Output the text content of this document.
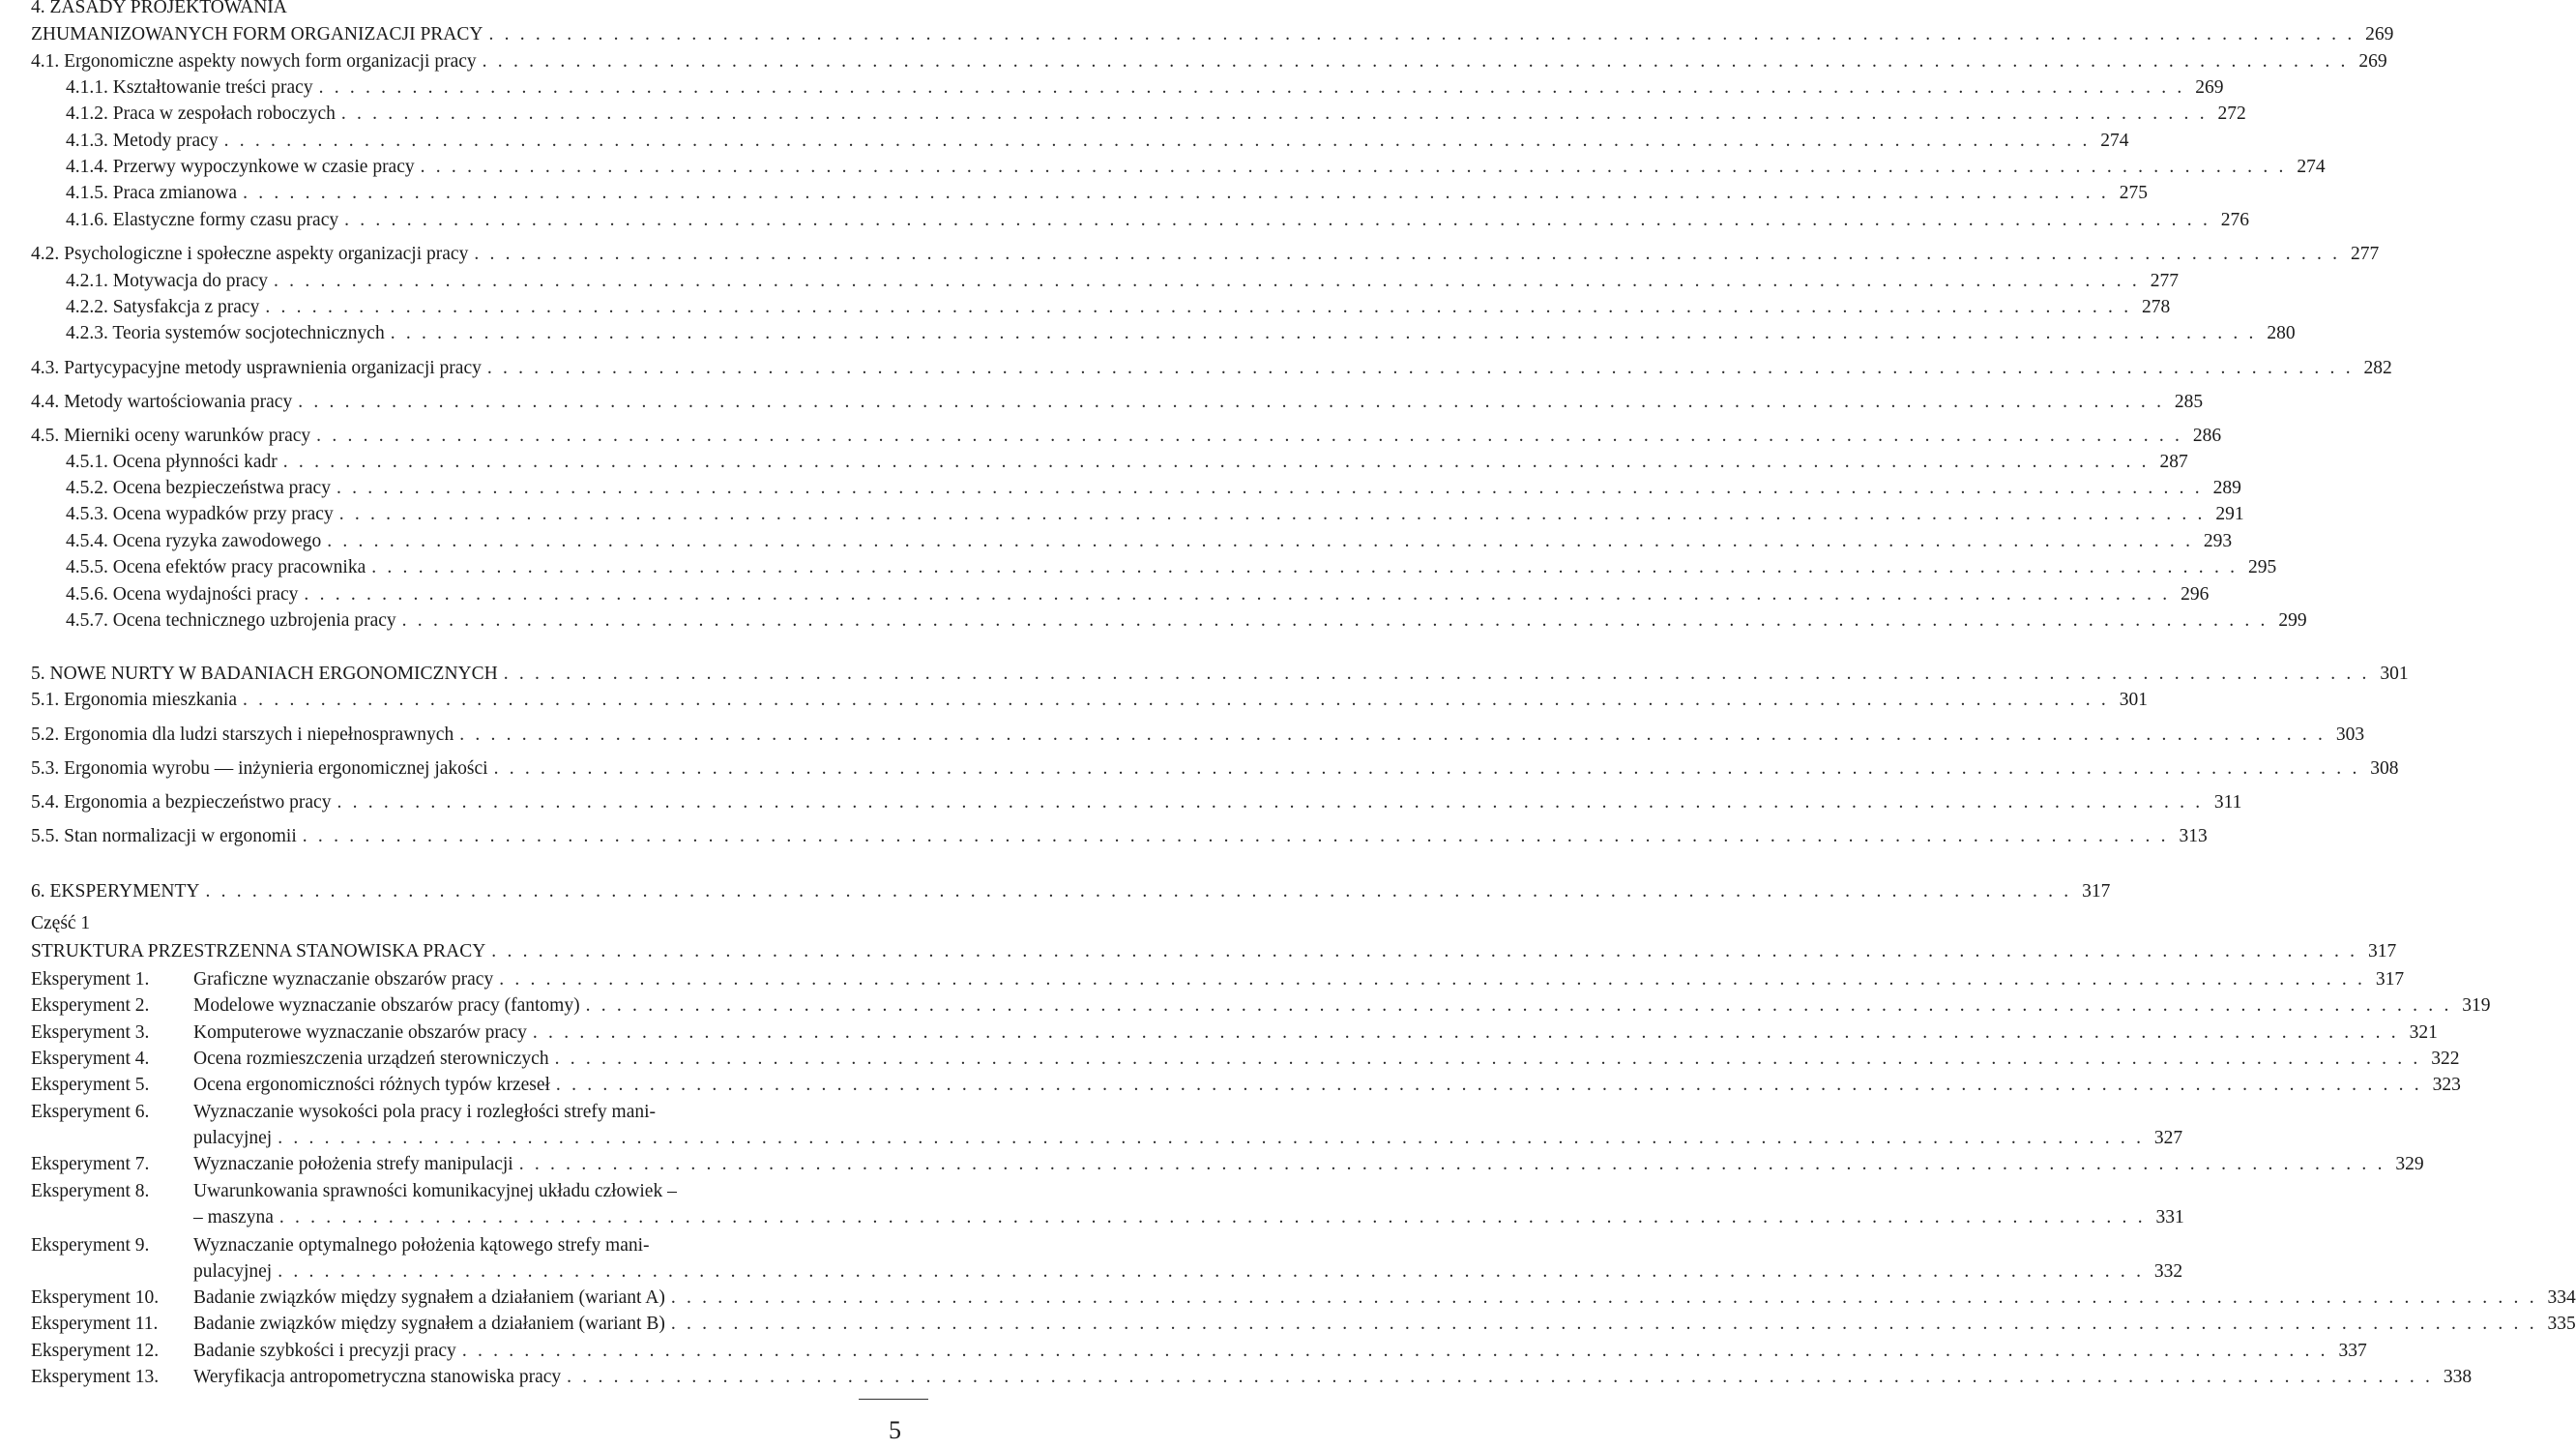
4. ZASADY PROJEKTOWANIA
ZHUMANIZOWANYCH FORM ORGANIZACJI PRACY . . . . . . . . . . . . . . . . . . . . . . . . . . . . . . . . . . . . . . . . . . . . . . . . . . . . . . . . . . . . . . . . . . . . . . . . . . . . . . . . . . . . . . . . . . . . . . . . . . . . . . . . . . . . . . . . . . . . . . . . 269
4.1. Ergonomiczne aspekty nowych form organizacji pracy . . . . . . . . . . . . . . . . . . . . . . . . . . . . . . . . . . . . . . . . . . . . . . . . . . . . . . . . . . . . . . . . . . . . . . . . . . . . . . . . . . . . . . . . . . . . . . . . . . . . . . . . . . . . . . . . . . . . . . . . 269
4.1.1. Kształtowanie treści pracy . . . . . . . . . . . . . . . . . . . . . . . . . . . . . . . . . . . . . . . . . . . . . . . . . . . . . . . . . . . . . . . . . . . . . . . . . . . . . . . . . . . . . . . . . . . . . . . . . . . . . . . . . . . . . . . . . . . . . . . . 269
4.1.2. Praca w zespołach roboczych . . . . . . . . . . . . . . . . . . . . . . . . . . . . . . . . . . . . . . . . . . . . . . . . . . . . . . . . . . . . . . . . . . . . . . . . . . . . . . . . . . . . . . . . . . . . . . . . . . . . . . . . . . . . . . . . . . . . . . . . 272
4.1.3. Metody pracy . . . . . . . . . . . . . . . . . . . . . . . . . . . . . . . . . . . . . . . . . . . . . . . . . . . . . . . . . . . . . . . . . . . . . . . . . . . . . . . . . . . . . . . . . . . . . . . . . . . . . . . . . . . . . . . . . . . . . . . . 274
4.1.4. Przerwy wypoczynkowe w czasie pracy . . . . . . . . . . . . . . . . . . . . . . . . . . . . . . . . . . . . . . . . . . . . . . . . . . . . . . . . . . . . . . . . . . . . . . . . . . . . . . . . . . . . . . . . . . . . . . . . . . . . . . . . . . . . . . . . . . . . . . . . 274
4.1.5. Praca zmianowa . . . . . . . . . . . . . . . . . . . . . . . . . . . . . . . . . . . . . . . . . . . . . . . . . . . . . . . . . . . . . . . . . . . . . . . . . . . . . . . . . . . . . . . . . . . . . . . . . . . . . . . . . . . . . . . . . . . . . . . . 275
4.1.6. Elastyczne formy czasu pracy . . . . . . . . . . . . . . . . . . . . . . . . . . . . . . . . . . . . . . . . . . . . . . . . . . . . . . . . . . . . . . . . . . . . . . . . . . . . . . . . . . . . . . . . . . . . . . . . . . . . . . . . . . . . . . . . . . . . . . . . 276
4.2. Psychologiczne i społeczne aspekty organizacji pracy . . . . . . . . . . . . . . . . . . . . . . . . . . . . . . . . . . . . . . . . . . . . . . . . . . . . . . . . . . . . . . . . . . . . . . . . . . . . . . . . . . . . . . . . . . . . . . . . . . . . . . . . . . . . . . . . . . . . . . . . 277
4.2.1. Motywacja do pracy . . . . . . . . . . . . . . . . . . . . . . . . . . . . . . . . . . . . . . . . . . . . . . . . . . . . . . . . . . . . . . . . . . . . . . . . . . . . . . . . . . . . . . . . . . . . . . . . . . . . . . . . . . . . . . . . . . . . . . . . 277
4.2.2. Satysfakcja z pracy . . . . . . . . . . . . . . . . . . . . . . . . . . . . . . . . . . . . . . . . . . . . . . . . . . . . . . . . . . . . . . . . . . . . . . . . . . . . . . . . . . . . . . . . . . . . . . . . . . . . . . . . . . . . . . . . . . . . . . . . 278
4.2.3. Teoria systemów socjotechnicznych . . . . . . . . . . . . . . . . . . . . . . . . . . . . . . . . . . . . . . . . . . . . . . . . . . . . . . . . . . . . . . . . . . . . . . . . . . . . . . . . . . . . . . . . . . . . . . . . . . . . . . . . . . . . . . . . . . . . . . . . 280
4.3. Partycypacyjne metody usprawnienia organizacji pracy . . . . . . . . . . . . . . . . . . . . . . . . . . . . . . . . . . . . . . . . . . . . . . . . . . . . . . . . . . . . . . . . . . . . . . . . . . . . . . . . . . . . . . . . . . . . . . . . . . . . . . . . . . . . . . . . . . . . . . . . 282
4.4. Metody wartościowania pracy . . . . . . . . . . . . . . . . . . . . . . . . . . . . . . . . . . . . . . . . . . . . . . . . . . . . . . . . . . . . . . . . . . . . . . . . . . . . . . . . . . . . . . . . . . . . . . . . . . . . . . . . . . . . . . . . . . . . . . . . 285
4.5. Mierniki oceny warunków pracy . . . . . . . . . . . . . . . . . . . . . . . . . . . . . . . . . . . . . . . . . . . . . . . . . . . . . . . . . . . . . . . . . . . . . . . . . . . . . . . . . . . . . . . . . . . . . . . . . . . . . . . . . . . . . . . . . . . . . . . . 286
4.5.1. Ocena płynności kadr . . . . . . . . . . . . . . . . . . . . . . . . . . . . . . . . . . . . . . . . . . . . . . . . . . . . . . . . . . . . . . . . . . . . . . . . . . . . . . . . . . . . . . . . . . . . . . . . . . . . . . . . . . . . . . . . . . . . . . . . 287
4.5.2. Ocena bezpieczeństwa pracy . . . . . . . . . . . . . . . . . . . . . . . . . . . . . . . . . . . . . . . . . . . . . . . . . . . . . . . . . . . . . . . . . . . . . . . . . . . . . . . . . . . . . . . . . . . . . . . . . . . . . . . . . . . . . . . . . . . . . . . . 289
4.5.3. Ocena wypadków przy pracy . . . . . . . . . . . . . . . . . . . . . . . . . . . . . . . . . . . . . . . . . . . . . . . . . . . . . . . . . . . . . . . . . . . . . . . . . . . . . . . . . . . . . . . . . . . . . . . . . . . . . . . . . . . . . . . . . . . . . . . . 291
4.5.4. Ocena ryzyka zawodowego . . . . . . . . . . . . . . . . . . . . . . . . . . . . . . . . . . . . . . . . . . . . . . . . . . . . . . . . . . . . . . . . . . . . . . . . . . . . . . . . . . . . . . . . . . . . . . . . . . . . . . . . . . . . . . . . . . . . . . . . 293
4.5.5. Ocena efektów pracy pracownika . . . . . . . . . . . . . . . . . . . . . . . . . . . . . . . . . . . . . . . . . . . . . . . . . . . . . . . . . . . . . . . . . . . . . . . . . . . . . . . . . . . . . . . . . . . . . . . . . . . . . . . . . . . . . . . . . . . . . . . . 295
4.5.6. Ocena wydajności pracy . . . . . . . . . . . . . . . . . . . . . . . . . . . . . . . . . . . . . . . . . . . . . . . . . . . . . . . . . . . . . . . . . . . . . . . . . . . . . . . . . . . . . . . . . . . . . . . . . . . . . . . . . . . . . . . . . . . . . . . . 296
4.5.7. Ocena technicznego uzbrojenia pracy . . . . . . . . . . . . . . . . . . . . . . . . . . . . . . . . . . . . . . . . . . . . . . . . . . . . . . . . . . . . . . . . . . . . . . . . . . . . . . . . . . . . . . . . . . . . . . . . . . . . . . . . . . . . . . . . . . . . . . . . 299
5. NOWE NURTY W BADANIACH ERGONOMICZNYCH . . . . . . . . . . . . . . . . . . . . . . . . . . . . . . . . . . . . . . . . . . . . . . . . . . . . . . . . . . . . . . . . . . . . . . . . . . . . . . . . . . . . . . . . . . . . . . . . . . . . . . . . . . . . . . . . . . . . . . . . 301
5.1. Ergonomia mieszkania . . . . . . . . . . . . . . . . . . . . . . . . . . . . . . . . . . . . . . . . . . . . . . . . . . . . . . . . . . . . . . . . . . . . . . . . . . . . . . . . . . . . . . . . . . . . . . . . . . . . . . . . . . . . . . . . . . . . . . . . 301
5.2. Ergonomia dla ludzi starszych i niepełnosprawnych . . . . . . . . . . . . . . . . . . . . . . . . . . . . . . . . . . . . . . . . . . . . . . . . . . . . . . . . . . . . . . . . . . . . . . . . . . . . . . . . . . . . . . . . . . . . . . . . . . . . . . . . . . . . . . . . . . . . . . . . 303
5.3. Ergonomia wyrobu — inżynieria ergonomicznej jakości . . . . . . . . . . . . . . . . . . . . . . . . . . . . . . . . . . . . . . . . . . . . . . . . . . . . . . . . . . . . . . . . . . . . . . . . . . . . . . . . . . . . . . . . . . . . . . . . . . . . . . . . . . . . . . . . . . . . . . . . 308
5.4. Ergonomia a bezpieczeństwo pracy . . . . . . . . . . . . . . . . . . . . . . . . . . . . . . . . . . . . . . . . . . . . . . . . . . . . . . . . . . . . . . . . . . . . . . . . . . . . . . . . . . . . . . . . . . . . . . . . . . . . . . . . . . . . . . . . . . . . . . . . 311
5.5. Stan normalizacji w ergonomii . . . . . . . . . . . . . . . . . . . . . . . . . . . . . . . . . . . . . . . . . . . . . . . . . . . . . . . . . . . . . . . . . . . . . . . . . . . . . . . . . . . . . . . . . . . . . . . . . . . . . . . . . . . . . . . . . . . . . . . . 313
6. EKSPERYMENTY . . . . . . . . . . . . . . . . . . . . . . . . . . . . . . . . . . . . . . . . . . . . . . . . . . . . . . . . . . . . . . . . . . . . . . . . . . . . . . . . . . . . . . . . . . . . . . . . . . . . . . . . . . . . . . . . . . . . . . . . 317
Część 1
STRUKTURA PRZESTRZENNA STANOWISKA PRACY . . . . . . . . . . . . . . . . . . . . . . . . . . . . . . . . . . . . . . . . . . . . . . . . . . . . . . . . . . . . . . . . . . . . . . . . . . . . . . . . . . . . . . . . . . . . . . . . . . . . . . . . . . . . . . . . . . . . . . . . 317
Graficzne wyznaczanie obszarów pracy . . . . . . . . . . . . . . . . . . . . . . . . . . . . . . . . . . . . . . . . . . . . . . . . . . . . . . . . . . . . . . . . . . . . . . . . . . . . . . . . . . . . . . . . . . . . . . . . . . . . . . . . . . . . . . . . . . . . . . . . 317
Eksperyment 1.
Modelowe wyznaczanie obszarów pracy (fantomy) . . . . . . . . . . . . . . . . . . . . . . . . . . . . . . . . . . . . . . . . . . . . . . . . . . . . . . . . . . . . . . . . . . . . . . . . . . . . . . . . . . . . . . . . . . . . . . . . . . . . . . . . . . . . . . . . . . . . . . . . 319
Eksperyment 2.
Komputerowe wyznaczanie obszarów pracy . . . . . . . . . . . . . . . . . . . . . . . . . . . . . . . . . . . . . . . . . . . . . . . . . . . . . . . . . . . . . . . . . . . . . . . . . . . . . . . . . . . . . . . . . . . . . . . . . . . . . . . . . . . . . . . . . . . . . . . . 321
Eksperyment 3.
Ocena rozmieszczenia urządzeń sterowniczych . . . . . . . . . . . . . . . . . . . . . . . . . . . . . . . . . . . . . . . . . . . . . . . . . . . . . . . . . . . . . . . . . . . . . . . . . . . . . . . . . . . . . . . . . . . . . . . . . . . . . . . . . . . . . . . . . . . . . . . . 322
Eksperyment 4.
Ocena ergonomiczności różnych typów krzeseł . . . . . . . . . . . . . . . . . . . . . . . . . . . . . . . . . . . . . . . . . . . . . . . . . . . . . . . . . . . . . . . . . . . . . . . . . . . . . . . . . . . . . . . . . . . . . . . . . . . . . . . . . . . . . . . . . . . . . . . . 323
Eksperyment 5.
Wyznaczanie wysokości pola pracy i rozległości strefy mani-
Eksperyment 6.
pulacyjnej . . . . . . . . . . . . . . . . . . . . . . . . . . . . . . . . . . . . . . . . . . . . . . . . . . . . . . . . . . . . . . . . . . . . . . . . . . . . . . . . . . . . . . . . . . . . . . . . . . . . . . . . . . . . . . . . . . . . . . . . 327
Wyznaczanie położenia strefy manipulacji . . . . . . . . . . . . . . . . . . . . . . . . . . . . . . . . . . . . . . . . . . . . . . . . . . . . . . . . . . . . . . . . . . . . . . . . . . . . . . . . . . . . . . . . . . . . . . . . . . . . . . . . . . . . . . . . . . . . . . . . 329
Eksperyment 7.
Uwarunkowania sprawności komunikacyjnej układu człowiek –
Eksperyment 8.
– maszyna . . . . . . . . . . . . . . . . . . . . . . . . . . . . . . . . . . . . . . . . . . . . . . . . . . . . . . . . . . . . . . . . . . . . . . . . . . . . . . . . . . . . . . . . . . . . . . . . . . . . . . . . . . . . . . . . . . . . . . . . 331
Wyznaczanie optymalnego położenia kątowego strefy mani-
Eksperyment 9.
pulacyjnej . . . . . . . . . . . . . . . . . . . . . . . . . . . . . . . . . . . . . . . . . . . . . . . . . . . . . . . . . . . . . . . . . . . . . . . . . . . . . . . . . . . . . . . . . . . . . . . . . . . . . . . . . . . . . . . . . . . . . . . . 332
Badanie związków między sygnałem a działaniem (wariant A) . . . . . . . . . . . . . . . . . . . . . . . . . . . . . . . . . . . . . . . . . . . . . . . . . . . . . . . . . . . . . . . . . . . . . . . . . . . . . . . . . . . . . . . . . . . . . . . . . . . . . . . . . . . . . . . . . . . . . . . . 334
Eksperyment 10.
Badanie związków między sygnałem a działaniem (wariant B) . . . . . . . . . . . . . . . . . . . . . . . . . . . . . . . . . . . . . . . . . . . . . . . . . . . . . . . . . . . . . . . . . . . . . . . . . . . . . . . . . . . . . . . . . . . . . . . . . . . . . . . . . . . . . . . . . . . . . . . . 335
Eksperyment 11.
Badanie szybkości i precyzji pracy . . . . . . . . . . . . . . . . . . . . . . . . . . . . . . . . . . . . . . . . . . . . . . . . . . . . . . . . . . . . . . . . . . . . . . . . . . . . . . . . . . . . . . . . . . . . . . . . . . . . . . . . . . . . . . . . . . . . . . . . 337
Eksperyment 12.
Weryfikacja antropometryczna stanowiska pracy . . . . . . . . . . . . . . . . . . . . . . . . . . . . . . . . . . . . . . . . . . . . . . . . . . . . . . . . . . . . . . . . . . . . . . . . . . . . . . . . . . . . . . . . . . . . . . . . . . . . . . . . . . . . . . . . . . . . . . . . 338
Eksperyment 13.
5
